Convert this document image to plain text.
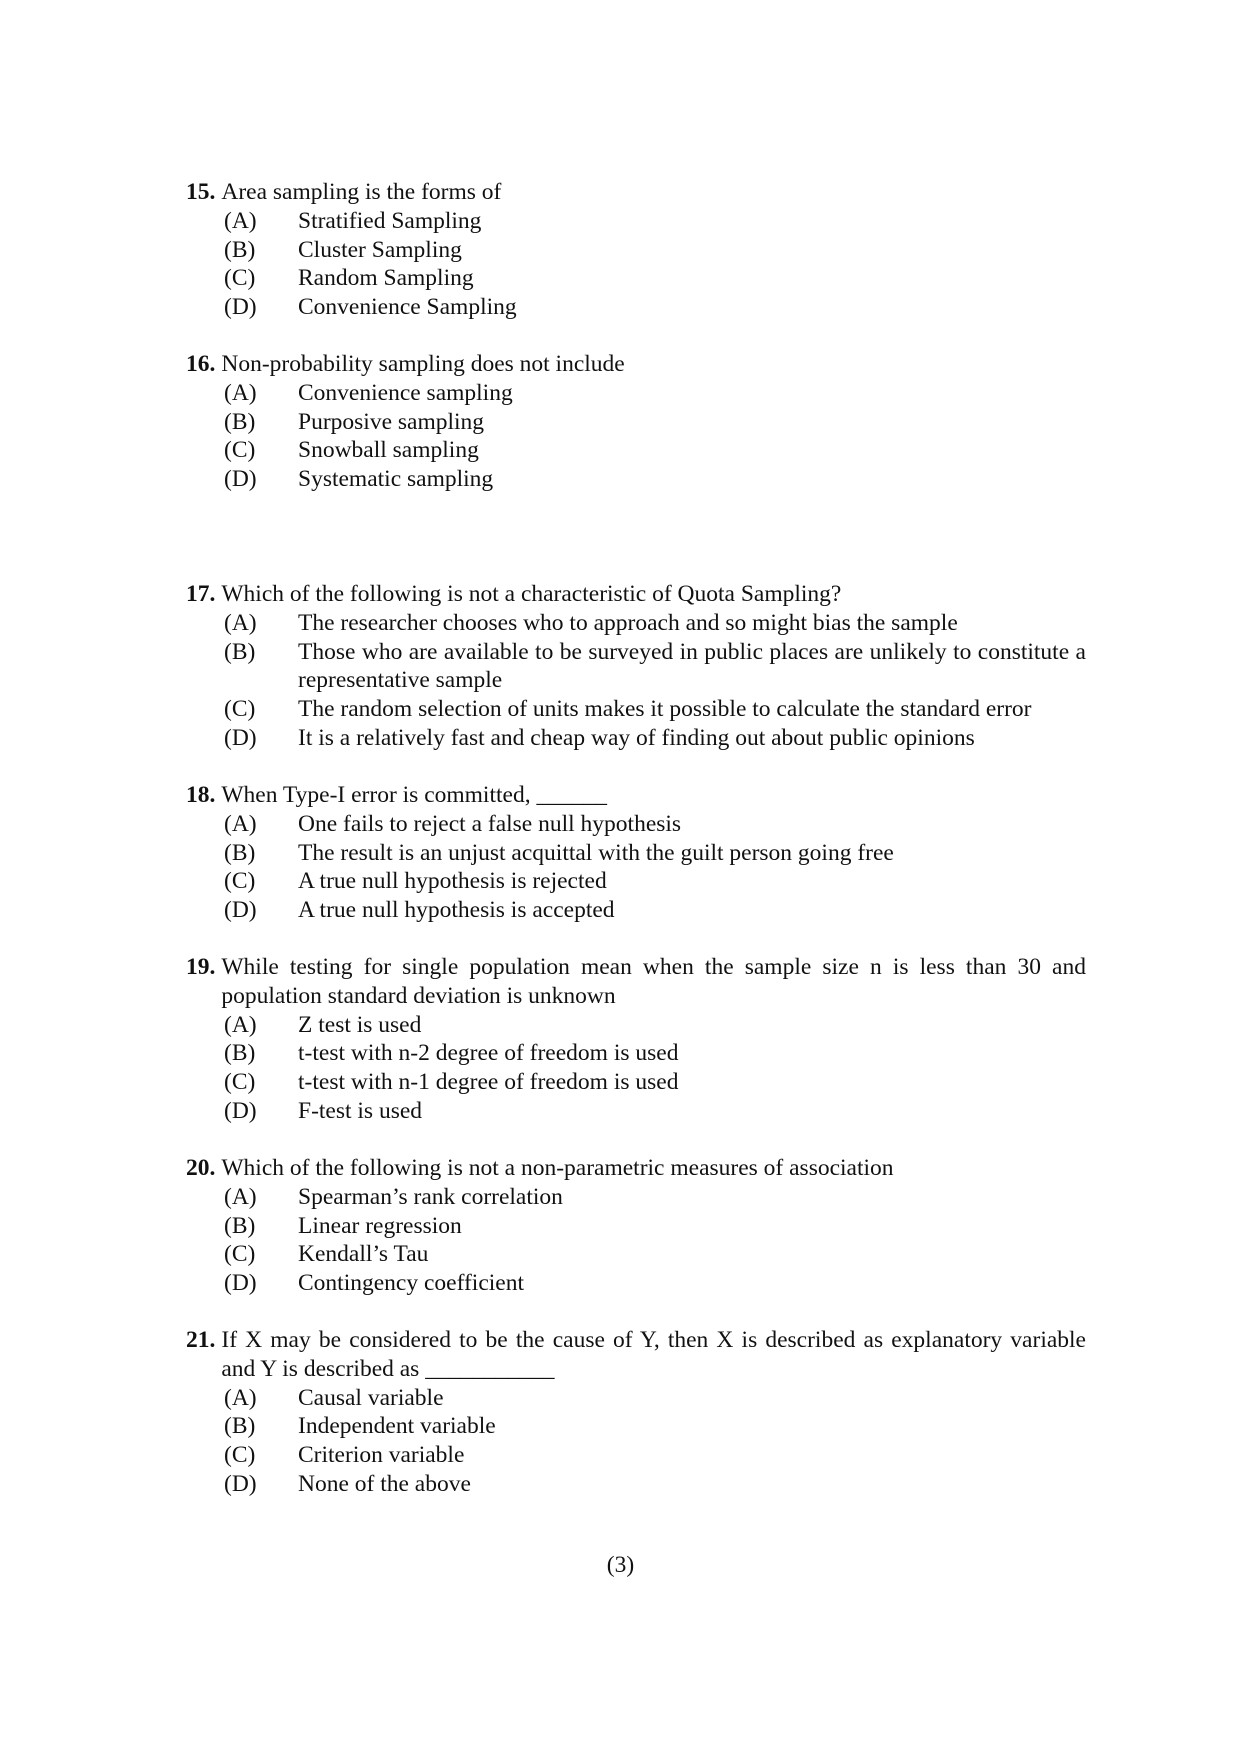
15. Area sampling is the forms of
(A)	Stratified Sampling
(B)	Cluster Sampling
(C)	Random Sampling
(D)	Convenience Sampling
16. Non-probability sampling does not include
(A)	Convenience sampling
(B)	Purposive sampling
(C)	Snowball sampling
(D)	Systematic sampling
17. Which of the following is not a characteristic of Quota Sampling?
(A)	The researcher chooses who to approach and so might bias the sample
(B)	Those who are available to be surveyed in public places are unlikely to constitute a representative sample
(C)	The random selection of units makes it possible to calculate the standard error
(D)	It is a relatively fast and cheap way of finding out about public opinions
18. When Type-I error is committed, ______
(A)	One fails to reject a false null hypothesis
(B)	The result is an unjust acquittal with the guilt person going free
(C)	A true null hypothesis is rejected
(D)	A true null hypothesis is accepted
19. While testing for single population mean when the sample size n is less than 30 and population standard deviation is unknown
(A)	Z test is used
(B)	t-test with n-2 degree of freedom is used
(C)	t-test with n-1 degree of freedom is used
(D)	F-test is used
20. Which of the following is not a non-parametric measures of association
(A)	Spearman’s rank correlation
(B)	Linear regression
(C)	Kendall’s Tau
(D)	Contingency coefficient
21. If X may be considered to be the cause of Y, then X is described as explanatory variable and Y is described as ___________
(A)	Causal variable
(B)	Independent variable
(C)	Criterion variable
(D)	None of the above
(3)
